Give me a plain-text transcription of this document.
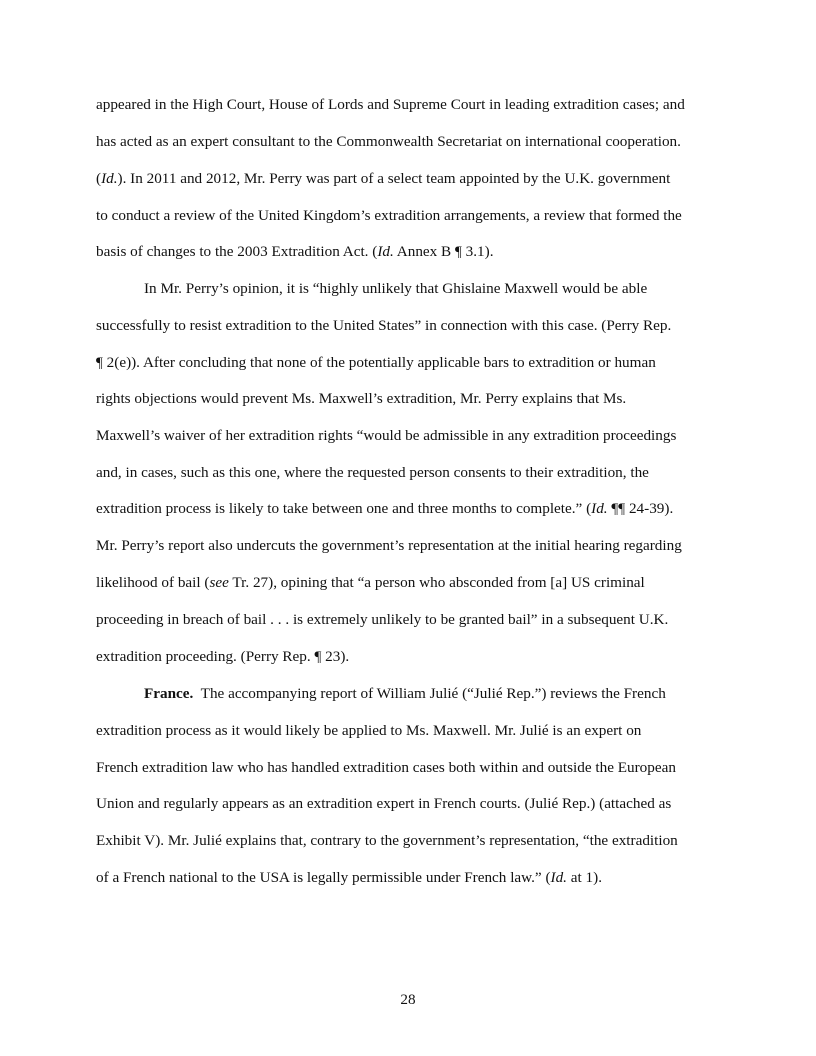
appeared in the High Court, House of Lords and Supreme Court in leading extradition cases; and

has acted as an expert consultant to the Commonwealth Secretariat on international cooperation.

(Id.). In 2011 and 2012, Mr. Perry was part of a select team appointed by the U.K. government

to conduct a review of the United Kingdom’s extradition arrangements, a review that formed the

basis of changes to the 2003 Extradition Act. (Id. Annex B ¶ 3.1).

In Mr. Perry’s opinion, it is “highly unlikely that Ghislaine Maxwell would be able

successfully to resist extradition to the United States” in connection with this case. (Perry Rep.

¶ 2(e)). After concluding that none of the potentially applicable bars to extradition or human

rights objections would prevent Ms. Maxwell’s extradition, Mr. Perry explains that Ms.

Maxwell’s waiver of her extradition rights “would be admissible in any extradition proceedings

and, in cases, such as this one, where the requested person consents to their extradition, the

extradition process is likely to take between one and three months to complete.” (Id. ¶¶ 24-39).

Mr. Perry’s report also undercuts the government’s representation at the initial hearing regarding

likelihood of bail (see Tr. 27), opining that “a person who absconded from [a] US criminal

proceeding in breach of bail . . . is extremely unlikely to be granted bail” in a subsequent U.K.

extradition proceeding. (Perry Rep. ¶ 23).

France.  The accompanying report of William Julié (“Julié Rep.”) reviews the French

extradition process as it would likely be applied to Ms. Maxwell. Mr. Julié is an expert on

French extradition law who has handled extradition cases both within and outside the European

Union and regularly appears as an extradition expert in French courts. (Julié Rep.) (attached as

Exhibit V). Mr. Julié explains that, contrary to the government’s representation, “the extradition

of a French national to the USA is legally permissible under French law.” (Id. at 1).

28
